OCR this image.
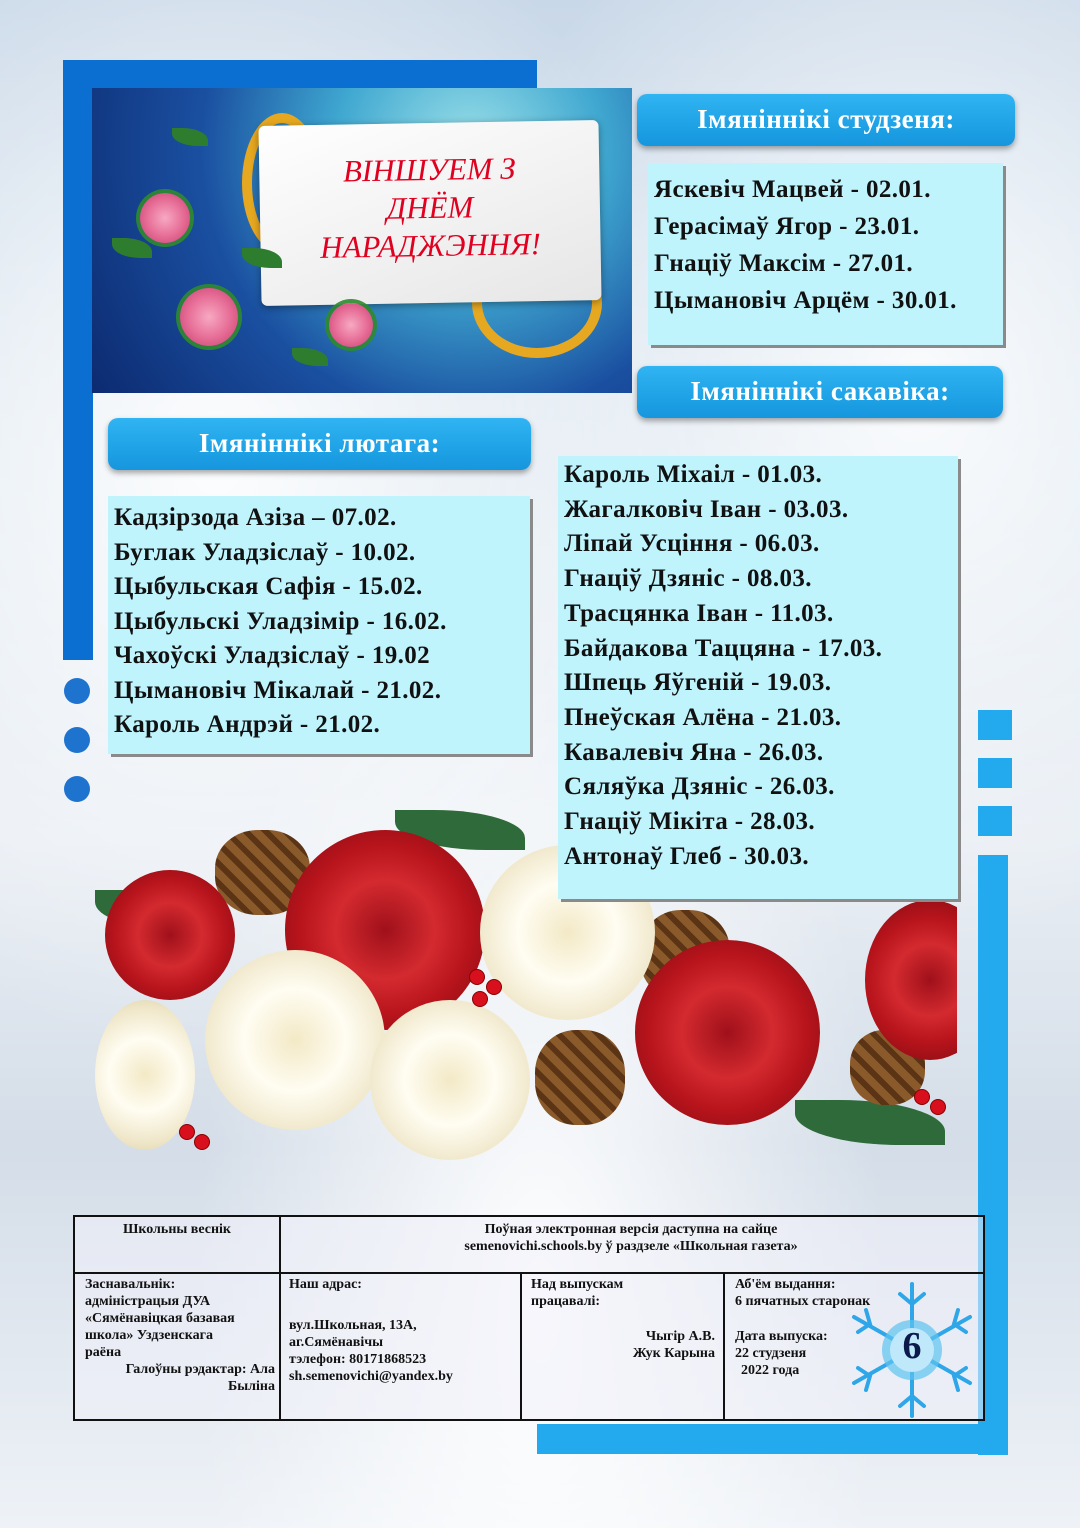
ВІНШУЕМ З
ДНЁМ
НАРАДЖЭННЯ!
Імяніннікі студзеня:
Яскевіч Мацвей - 02.01.
Герасімаў Ягор - 23.01.
Гнаціў Максім - 27.01.
Цымановіч Арцём - 30.01.
Імяніннікі сакавіка:
Імяніннікі лютага:
Кадзірзода Азіза – 07.02.
Буглак Уладзіслаў - 10.02.
Цыбульская Сафія - 15.02.
Цыбульскі Уладзімір - 16.02.
Чахоўскі Уладзіслаў - 19.02
Цымановіч Мікалай - 21.02.
Кароль Андрэй - 21.02.
Кароль Міхаіл - 01.03.
Жагалковіч Іван - 03.03.
Ліпай Усціння - 06.03.
Гнаціў Дзяніс - 08.03.
Трасцянка Іван - 11.03.
Байдакова Таццяна - 17.03.
Шпець Яўгеній - 19.03.
Пнеўская Алёна - 21.03.
Кавалевіч Яна - 26.03.
Сяляўка Дзяніс - 26.03.
Гнаціў Мікіта - 28.03.
Антонаў Глеб - 30.03.
Школьны веснік	Поўная электронная версія даступна на сайце
semenovichi.schools.by ў раздзеле «Школьная газета»
Заснавальнік:
адміністрацыя ДУА
«Сямёнавіцкая базавая
школа» Уздзенскага
раёна
Галоўны рэдактар: Ала
Быліна
Наш адрас:
вул.Школьная, 13А,
аг.Сямёнавічы
тэлефон: 80171868523
sh.semenovichi@yandex.by
Над выпускам
працавалі:
Чыгір А.В.
Жук Карына
Аб'ём выдання:
6 пячатных старонак
Дата выпуска:
22 студзеня
2022 года
6
